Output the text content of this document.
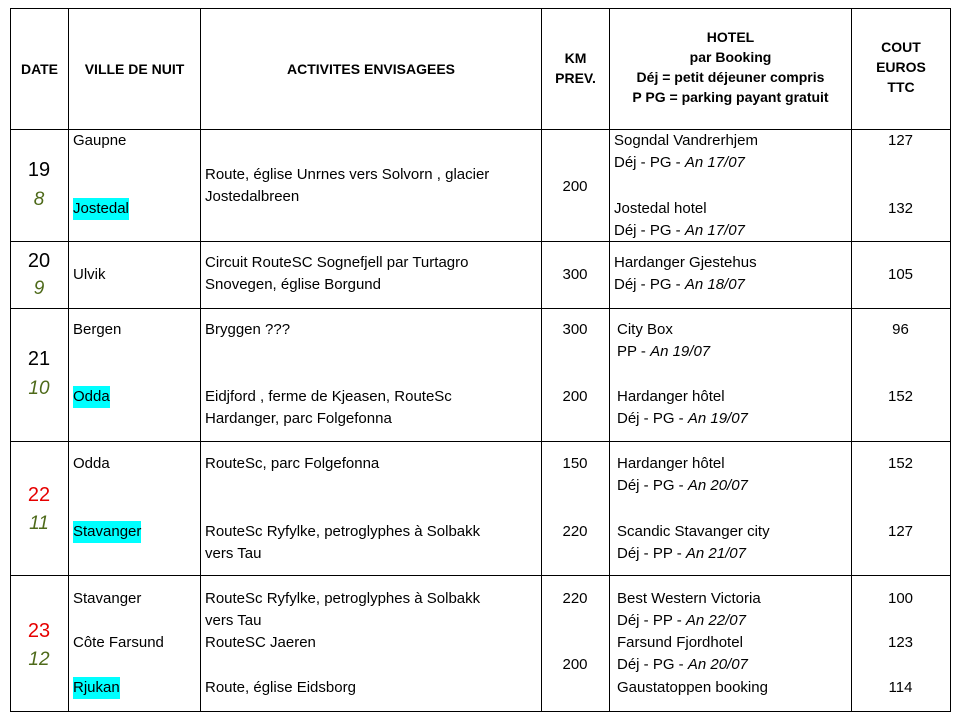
DATE	VILLE DE NUIT	ACTIVITES ENVISAGEES
KM
PREV.
HOTEL
par Booking
Déj = petit déjeuner compris
P PG = parking payant gratuit
COUT
EUROS
TTC
19
8
Gaupne
Jostedal
Route, église Unrnes vers Solvorn , glacier
Jostedalbreen
200
Sogndal Vandrerhjem
Déj - PG - An 17/07
Jostedal hotel
Déj - PG - An 17/07
127
132
20
9
Ulvik
Circuit RouteSC Sognefjell par Turtagro
Snovegen, église Borgund
300
Hardanger Gjestehus
Déj - PG - An 18/07
105
21
10
Bergen
Odda
Bryggen ???
Eidjford , ferme de Kjeasen, RouteSc
Hardanger, parc Folgefonna
300
200
City Box
PP - An 19/07
Hardanger hôtel
Déj - PG - An 19/07
96
152
22
11
Odda
Stavanger
RouteSc, parc Folgefonna
RouteSc Ryfylke, petroglyphes à Solbakk
vers Tau
150
220
Hardanger hôtel
Déj - PG - An 20/07
Scandic Stavanger city
Déj - PP - An 21/07
152
127
23
12
Stavanger
Côte Farsund
Rjukan
RouteSc Ryfylke, petroglyphes à Solbakk
vers Tau
RouteSC Jaeren
Route, église Eidsborg
220
200
Best Western Victoria
Déj - PP - An 22/07
Farsund Fjordhotel
Déj - PG - An 20/07
Gaustatoppen booking
100
123
114
